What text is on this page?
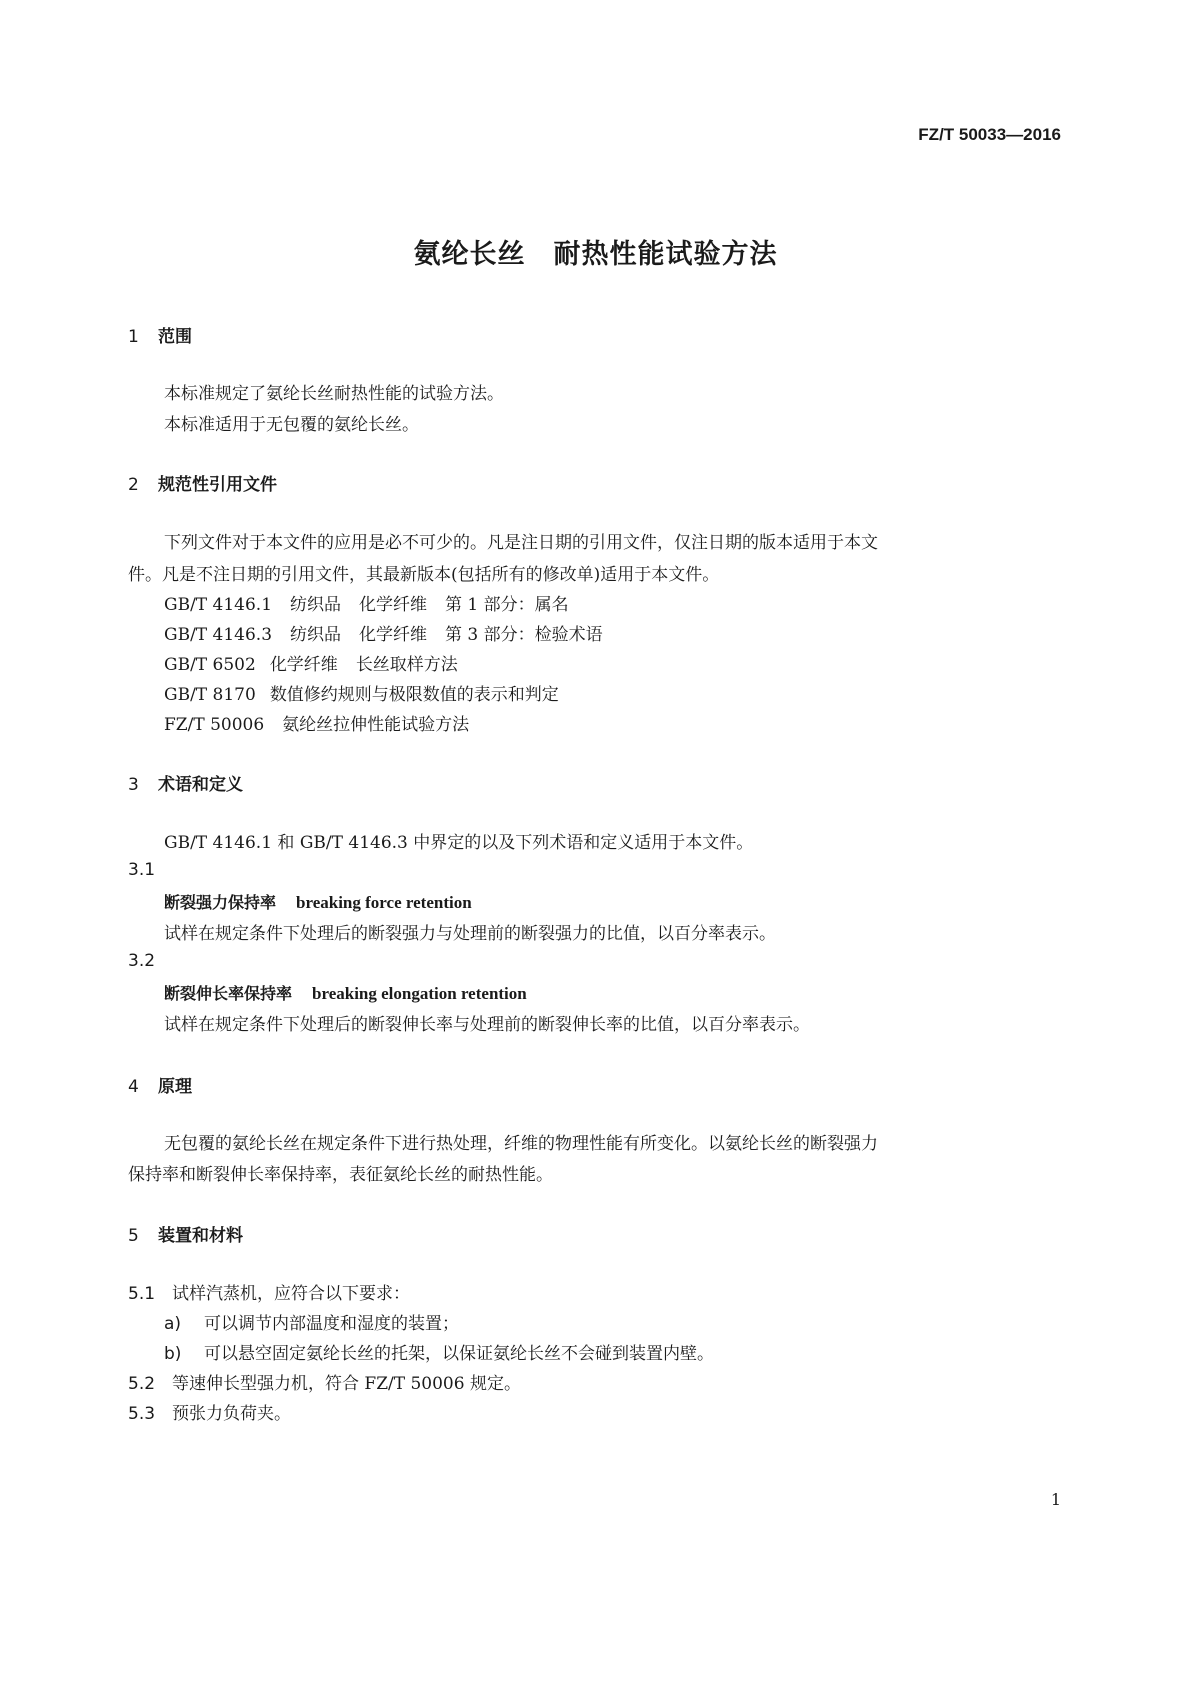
FZ/T 50033—2016
氨纶长丝 耐热性能试验方法
1 范围
本标准规定了氨纶长丝耐热性能的试验方法。
本标准适用于无包覆的氨纶长丝。
2 规范性引用文件
下列文件对于本文件的应用是必不可少的。凡是注日期的引用文件，仅注日期的版本适用于本文
件。凡是不注日期的引用文件，其最新版本(包括所有的修改单)适用于本文件。
GB/T 4146.1 纺织品 化学纤维 第 1 部分：属名
GB/T 4146.3 纺织品 化学纤维 第 3 部分：检验术语
GB/T 6502 化学纤维 长丝取样方法
GB/T 8170 数值修约规则与极限数值的表示和判定
FZ/T 50006 氨纶丝拉伸性能试验方法
3 术语和定义
GB/T 4146.1 和 GB/T 4146.3 中界定的以及下列术语和定义适用于本文件。
3.1
断裂强力保持率 breaking force retention
试样在规定条件下处理后的断裂强力与处理前的断裂强力的比值，以百分率表示。
3.2
断裂伸长率保持率 breaking elongation retention
试样在规定条件下处理后的断裂伸长率与处理前的断裂伸长率的比值，以百分率表示。
4 原理
无包覆的氨纶长丝在规定条件下进行热处理，纤维的物理性能有所变化。以氨纶长丝的断裂强力
保持率和断裂伸长率保持率，表征氨纶长丝的耐热性能。
5 装置和材料
5.1 试样汽蒸机，应符合以下要求：
a) 可以调节内部温度和湿度的装置；
b) 可以悬空固定氨纶长丝的托架，以保证氨纶长丝不会碰到装置内壁。
5.2 等速伸长型强力机，符合 FZ/T 50006 规定。
5.3 预张力负荷夹。
1
